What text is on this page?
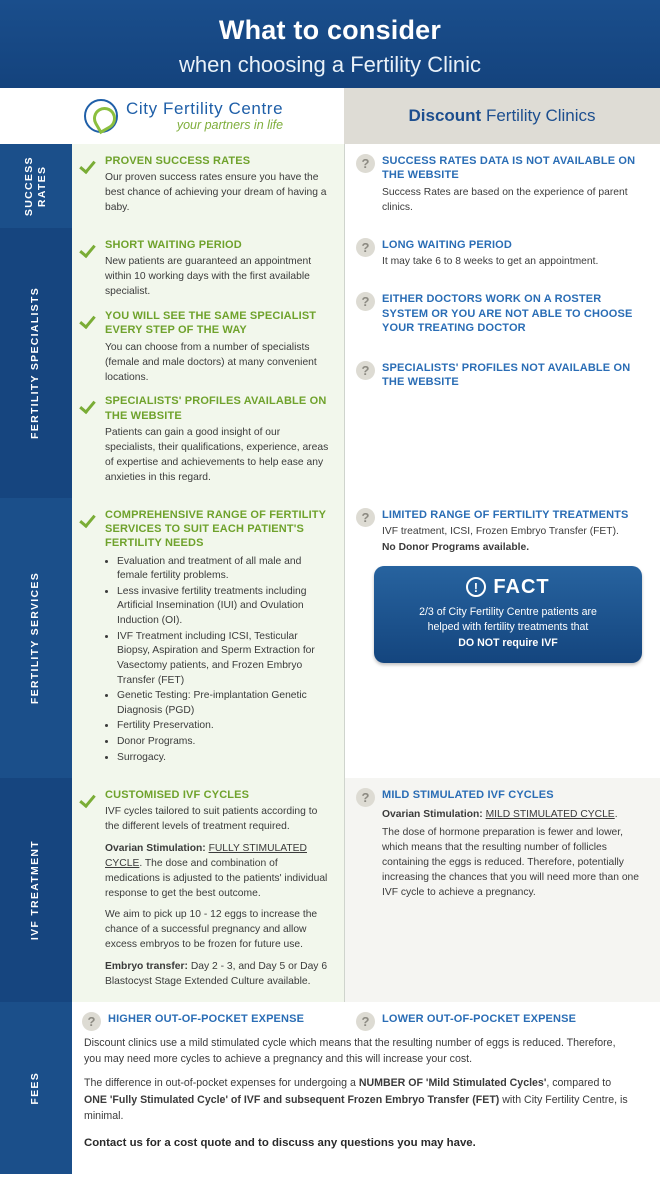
What to consider
when choosing a Fertility Clinic
City Fertility Centre
your partners in life
Discount Fertility Clinics
SUCCESS RATES
PROVEN SUCCESS RATES
Our proven success rates ensure you have the best chance of achieving your dream of having a baby.
?	SUCCESS RATES DATA IS NOT AVAILABLE ON THE WEBSITE
Success Rates are based on the experience of parent clinics.
FERTILITY SPECIALISTS
SHORT WAITING PERIOD
New patients are guaranteed an appointment within 10 working days with the first available specialist.
YOU WILL SEE THE SAME SPECIALIST EVERY STEP OF THE WAY
You can choose from a number of specialists (female and male doctors) at many convenient locations.
SPECIALISTS' PROFILES AVAILABLE ON THE WEBSITE
Patients can gain a good insight of our specialists, their qualifications, experience, areas of expertise and achievements to help ease any anxieties in this regard.
?	LONG WAITING PERIOD
It may take 6 to 8 weeks to get an appointment.
?	EITHER DOCTORS WORK ON A ROSTER SYSTEM OR YOU ARE NOT ABLE TO CHOOSE YOUR TREATING DOCTOR
?	SPECIALISTS' PROFILES NOT AVAILABLE ON THE WEBSITE
FERTILITY SERVICES
COMPREHENSIVE RANGE OF FERTILITY SERVICES TO SUIT EACH PATIENT'S FERTILITY NEEDS
• Evaluation and treatment of all male and female fertility problems.
• Less invasive fertility treatments including Artificial Insemination (IUI) and Ovulation Induction (OI).
• IVF Treatment including ICSI, Testicular Biopsy, Aspiration and Sperm Extraction for Vasectomy patients, and Frozen Embryo Transfer (FET)
• Genetic Testing: Pre-implantation Genetic Diagnosis (PGD)
• Fertility Preservation.
• Donor Programs.
• Surrogacy.
?	LIMITED RANGE OF FERTILITY TREATMENTS
IVF treatment, ICSI, Frozen Embryo Transfer (FET).
No Donor Programs available.
! FACT
2/3 of City Fertility Centre patients are
helped with fertility treatments that
DO NOT require IVF
IVF TREATMENT
CUSTOMISED IVF CYCLES
IVF cycles tailored to suit patients according to the different levels of treatment required.
Ovarian Stimulation: FULLY STIMULATED CYCLE. The dose and combination of medications is adjusted to the patients' individual response to get the best outcome.
We aim to pick up 10 - 12 eggs to increase the chance of a successful pregnancy and allow excess embryos to be frozen for future use.
Embryo transfer: Day 2 - 3, and Day 5 or Day 6 Blastocyst Stage Extended Culture available.
?	MILD STIMULATED IVF CYCLES
Ovarian Stimulation: MILD STIMULATED CYCLE.
The dose of hormone preparation is fewer and lower, which means that the resulting number of follicles containing the eggs is reduced. Therefore, potentially increasing the chances that you will need more than one IVF cycle to achieve a pregnancy.
FEES
?	HIGHER OUT-OF-POCKET EXPENSE	?	LOWER OUT-OF-POCKET EXPENSE

Discount clinics use a mild stimulated cycle which means that the resulting number of eggs is reduced. Therefore, you may need more cycles to achieve a pregnancy and this will increase your cost.

The difference in out-of-pocket expenses for undergoing a NUMBER OF 'Mild Stimulated Cycles', compared to ONE 'Fully Stimulated Cycle' of IVF and subsequent Frozen Embryo Transfer (FET) with City Fertility Centre, is minimal.

Contact us for a cost quote and to discuss any questions you may have.
